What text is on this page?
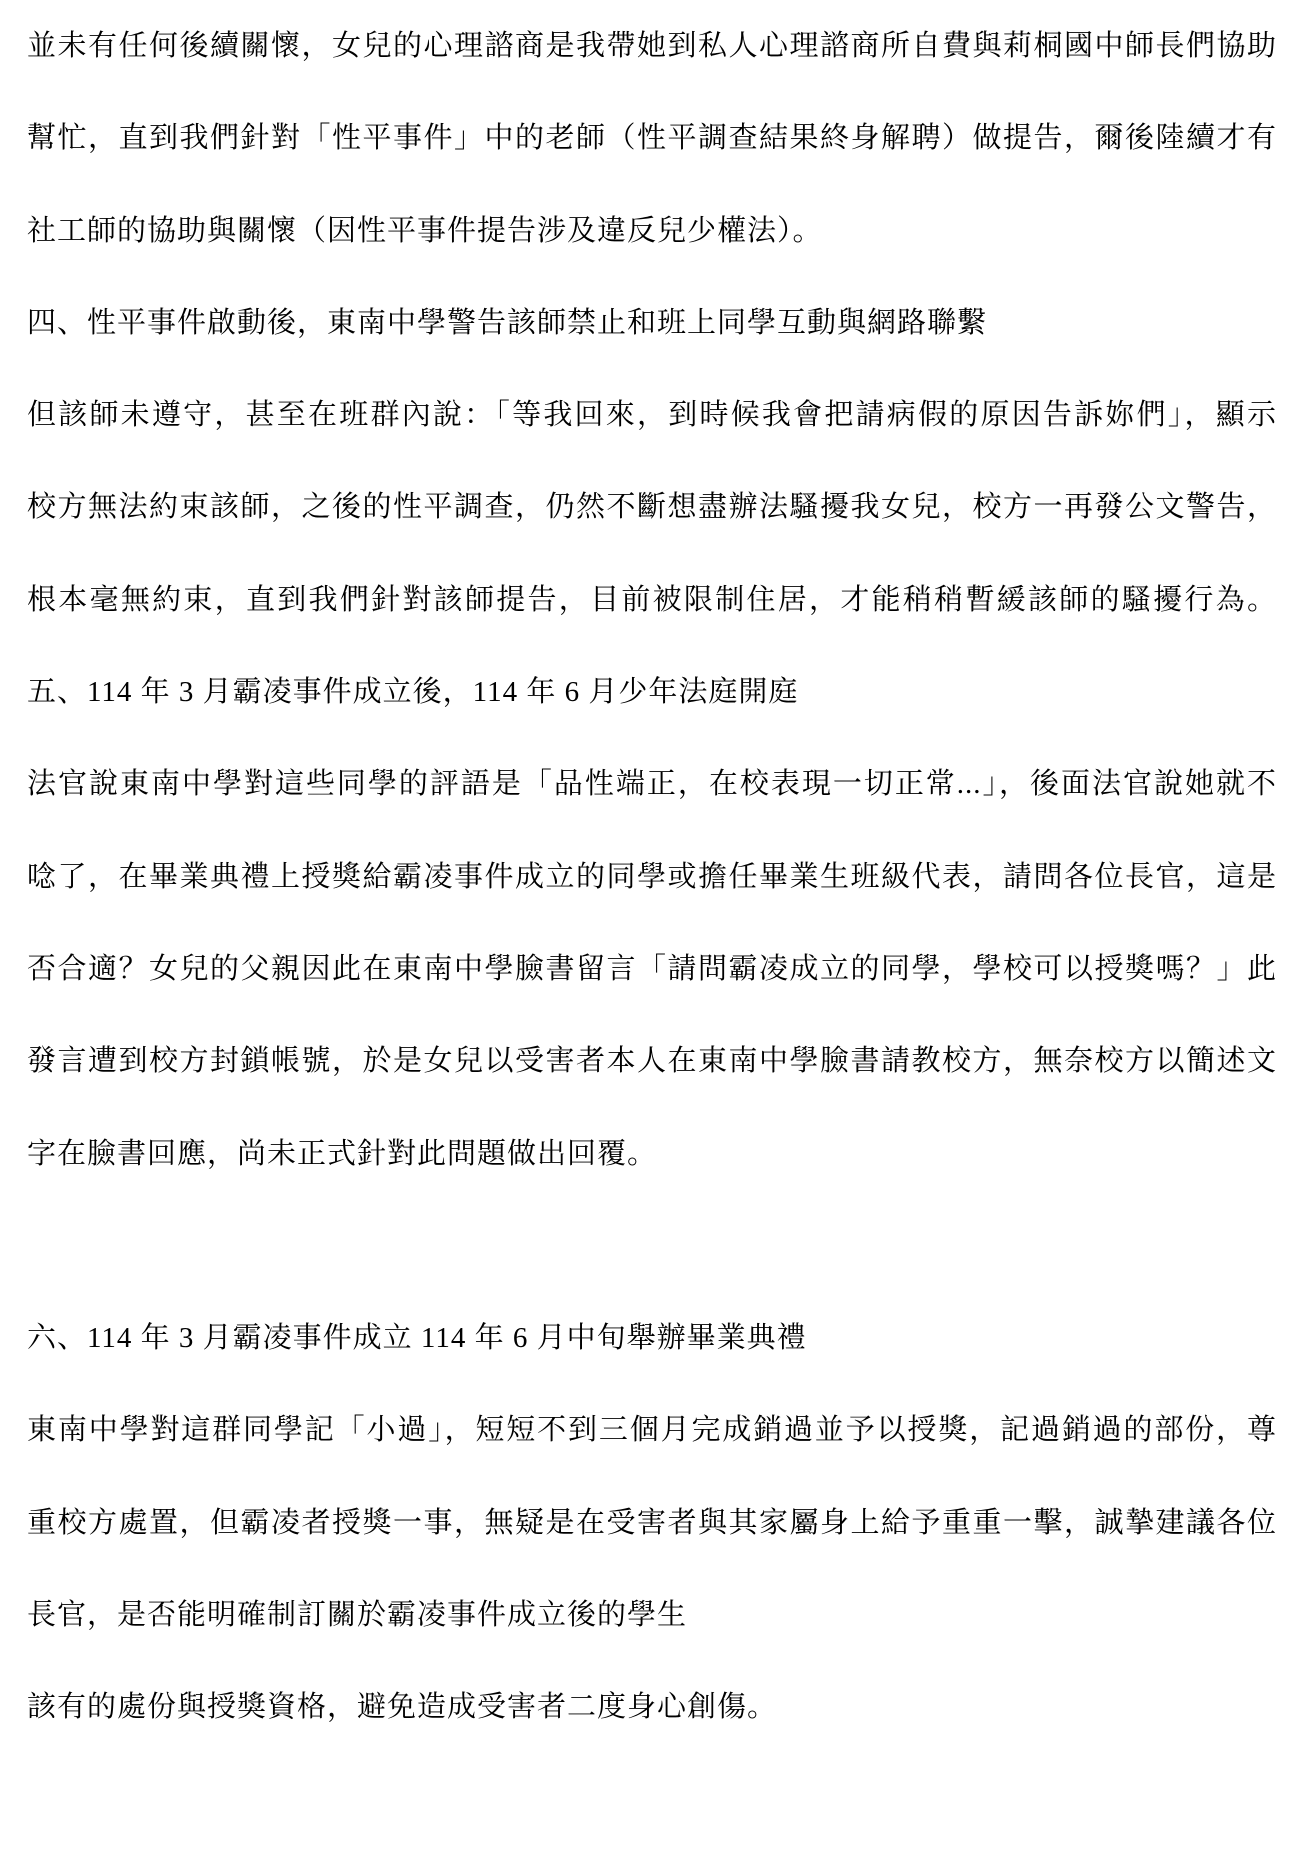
並未有任何後續關懷，女兒的心理諮商是我帶她到私人心理諮商所自費與莉桐國中師長們協助
幫忙，直到我們針對「性平事件」中的老師（性平調查結果終身解聘）做提告，爾後陸續才有
社工師的協助與關懷（因性平事件提告涉及違反兒少權法）。
四、性平事件啟動後，東南中學警告該師禁止和班上同學互動與網路聯繫
但該師未遵守，甚至在班群內說：「等我回來，到時候我會把請病假的原因告訴妳們」，顯示
校方無法約束該師，之後的性平調查，仍然不斷想盡辦法騷擾我女兒，校方一再發公文警告，
根本毫無約束，直到我們針對該師提告，目前被限制住居，才能稍稍暫緩該師的騷擾行為。
五、114 年 3 月霸凌事件成立後，114 年 6 月少年法庭開庭
法官說東南中學對這些同學的評語是「品性端正，在校表現一切正常...」，後面法官說她就不
唸了，在畢業典禮上授獎給霸凌事件成立的同學或擔任畢業生班級代表，請問各位長官，這是
否合適？女兒的父親因此在東南中學臉書留言「請問霸凌成立的同學，學校可以授獎嗎？」此
發言遭到校方封鎖帳號，於是女兒以受害者本人在東南中學臉書請教校方，無奈校方以簡述文
字在臉書回應，尚未正式針對此問題做出回覆。

六、114 年 3 月霸凌事件成立 114 年 6 月中旬舉辦畢業典禮
東南中學對這群同學記「小過」，短短不到三個月完成銷過並予以授獎，記過銷過的部份，尊
重校方處置，但霸凌者授獎一事，無疑是在受害者與其家屬身上給予重重一擊，誠摯建議各位
長官，是否能明確制訂關於霸凌事件成立後的學生
該有的處份與授獎資格，避免造成受害者二度身心創傷。
